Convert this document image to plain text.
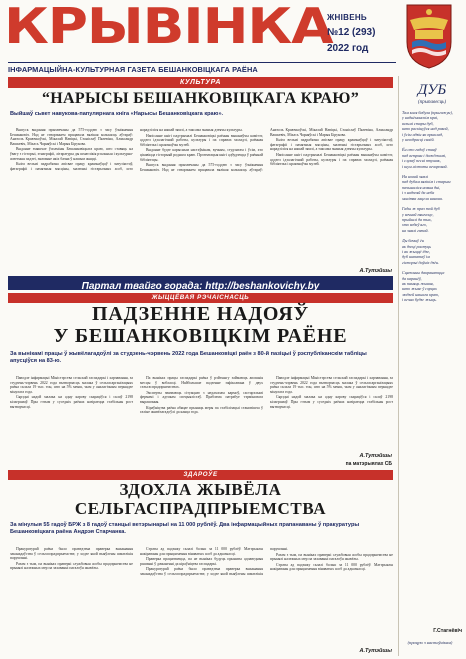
КРЫВІНКА
ЖНІВЕНЬ
№12 (293)
2022 год
ІНФАРМАЦЫЙНА-КУЛЬТУРНАЯ ГАЗЕТА БЕШАНКОВІЦКАГА РАЁНА
КУЛЬТУРА
“НАРЫСЫ БЕШАНКОВІЦКАГА КРАЮ”
Выйшаў сьвет навукова-папулярнага кніга «Нарысы Бешанковіцкага краю».

Выпуск выдання прыхвечаны да 575-годдзю з часу ўзнікнення Бешанковіч. Над яе стварэннем працавала вялікая колькасць аўтараў: Анатоль Краючкоўскі, Мікалай Навіцкі, Станіслаў Пялевіна, Аляксандр Вашкевіч, Міхась Чарняўскі і Марыя Бірукова.

Выданне змяшчае ўспаміны Бешанковіцкага краю, што ставяць на ўвагу з гісторыі, этнаграфіі, літаратуры ды шматлікія рэальныя і культурна-асветныя падзеі, значэнне якіх бачна ў нашым жыцці.

Кніга вельмі падрабязна апісвае працу краязнаўцаў і энтузіястаў, фатаграфіі і памятныя мясціны, малюнкі гістарычных асоб, што нарадзіліся на нашай зямлі, а таксама знаныя дзеячы культуры.

Напісанне кнігі падтрымалі Бешанковіцкі раённы выканаўчы камітэт, аддзел ідэалагічнай работы, культуры і па справах моладзі, раённая бібліятэка і краязнаўчы музей.

Выданне будзе карысным настаўнікам, вучням, студэнтам і ўсім, хто цікавіцца гісторыяй роднага краю. Прэзентацыя кнігі адбудзецца ў раённай бібліятэцы.

Выпуск выдання прыхвечаны да 575-годдзю з часу ўзнікнення Бешанковіч. Над яе стварэннем працавала вялікая колькасць аўтараў: Анатоль Краючкоўскі, Мікалай Навіцкі, Станіслаў Пялевіна, Аляксандр Вашкевіч, Міхась Чарняўскі і Марыя Бірукова.

Кніга вельмі падрабязна апісвае працу краязнаўцаў і энтузіястаў, фатаграфіі і памятныя мясціны, малюнкі гістарычных асоб, што нарадзіліся на нашай зямлі, а таксама знаныя дзеячы культуры.

Напісанне кнігі падтрымалі Бешанковіцкі раённы выканаўчы камітэт, аддзел ідэалагічнай работы, культуры і па справах моладзі, раённая бібліятэка і краязнаўчы музей.

А.Тутэйшы
Партал твайго горада: http://beshankovichy.by
ЖЫЦЦЁВАЯ РЭЧАІСНАСЦЬ
ПАДЗЕННЕ НАДОЯЎ
У БЕШАНКОВІЦКІМ РАЁНЕ
За вынікамі працы ў жывёлагадоўлі за студзень-чэрвень 2022 года Бешанковіцкі раён з 80-й пазіцыі ў рэспубліканскім табліцы апусціўся на 83-ю.

Паводле інфармацыі Міністэрства сельскай гаспадаркі і харчавання, за студзень-чэрвень 2022 года вытворчасць малака ў сельгасарганізацыях раёна склала 19 тыс. тон, што на 5% менш, чым у аналагічным перыядзе мінулага года.

Сярэдні надой малака на адну карову скараціўся і склаў 2198 кілаграмаў. Пры гэтым у суседніх раёнах назіраецца стабільны рост вытворчасці.

Па выніках працы гаспадаркі раёна ў рэйтынгу займаюць апошнія месцы ў вобласці. Найбольшае падзенне зафіксавана ў двух сельгаспрадпрыемствах.

Эксперты звязваюць сітуацыю з недахопам кармоў, састарэлымі фермамі і адтокам спецыялістаў. Праблема патрабуе тэрміновага вырашэння.

Кіраўніцтва раёна абяцае прыняць меры па стабілізацыі становішча ў галіне жывёлагадоўлі да канца года.

Паводле інфармацыі Міністэрства сельскай гаспадаркі і харчавання, за студзень-чэрвень 2022 года вытворчасць малака ў сельгасарганізацыях раёна склала 19 тыс. тон, што на 5% менш, чым у аналагічным перыядзе мінулага года.

Сярэдні надой малака на адну карову скараціўся і склаў 2198 кілаграмаў. Пры гэтым у суседніх раёнах назіраецца стабільны рост вытворчасці.

А.Тутэйшы
па матэрыялах СБ
ЗДАРОЎЕ
ЗДОХЛА ЖЫВЁЛА
СЕЛЬГАСПРАДПРЫЕМСТВА
За мінулыя 55 гадоў БРЖ з 8 гадоў станцыі ветэрынарыі на 11 000 рублёў. Два інфармацыйных прапанаваны ў пракуратуры Бешанковіцкага раёна Андрэя Старчанка.

Пракуратурай раёна было праведзена праверка выканання заканадаўства ў сельгаспрадпрыемстве, у ходзе якой выяўлены шматлікія парушэнні.

Разам з тым, па выніках праверкі службовыя асобы прадпрыемства не прынялі належных мер па захаванні пагалоўя жывёлы.

Страты ад падзяжу склалі больш за 11 000 рублёў. Матэрыялы накіраваны для прыцягнення вінаватых асоб да адказнасці.

Праверка працягваецца, па яе выніках будуць прыняты адпаведныя рашэнні ў дачыненні да кіраўніцтва гаспадаркі.

Пракуратурай раёна было праведзена праверка выканання заканадаўства ў сельгаспрадпрыемстве, у ходзе якой выяўлены шматлікія парушэнні.

Разам з тым, па выніках праверкі службовыя асобы прадпрыемства не прынялі належных мер па захаванні пагалоўя жывёлы.

Страты ад падзяжу склалі больш за 11 000 рублёў. Матэрыялы накіраваны для прыцягнення вінаватых асоб да адказнасці.

А.Тутэйшы
ДУБ
(прыпавесць)
Там каля бабуля (прыгажун),
у наднёманскім краі,
вельмі стары дуб,
што раскінуўся над ракой,
і ўсім адзін як прыклад,
у шчодрасці сваёй.
Ён сто гадоў стаяў
пад ветрам і дажджамі,
і слухаў песні птушак,
і шум лістоты вечаровай.
На новай зямлі
пад дубам вялікім і старым
пачыналіся новыя дні,
і з надзеяй да неба
малітва ляцела нанова.
Гады ж праз той дуб
у вечнай пяшчоце,
прыйшлі да тых,
хто ведаў яго,
на зямлі гэтай.
Ды бачыў ён
як дзеці растуць
і як жыццё ідзе,
дуб шапатаў ім
гісторыі даўніх дзён.
Сцяжыны дакранаюцца
да каранёў,
як памяць жывая,
што жыве ў сэрцах
людзей нашага краю,
і вечна будзе жыць.
Г.Стагнёвіч
(працую з настаўнікам)
